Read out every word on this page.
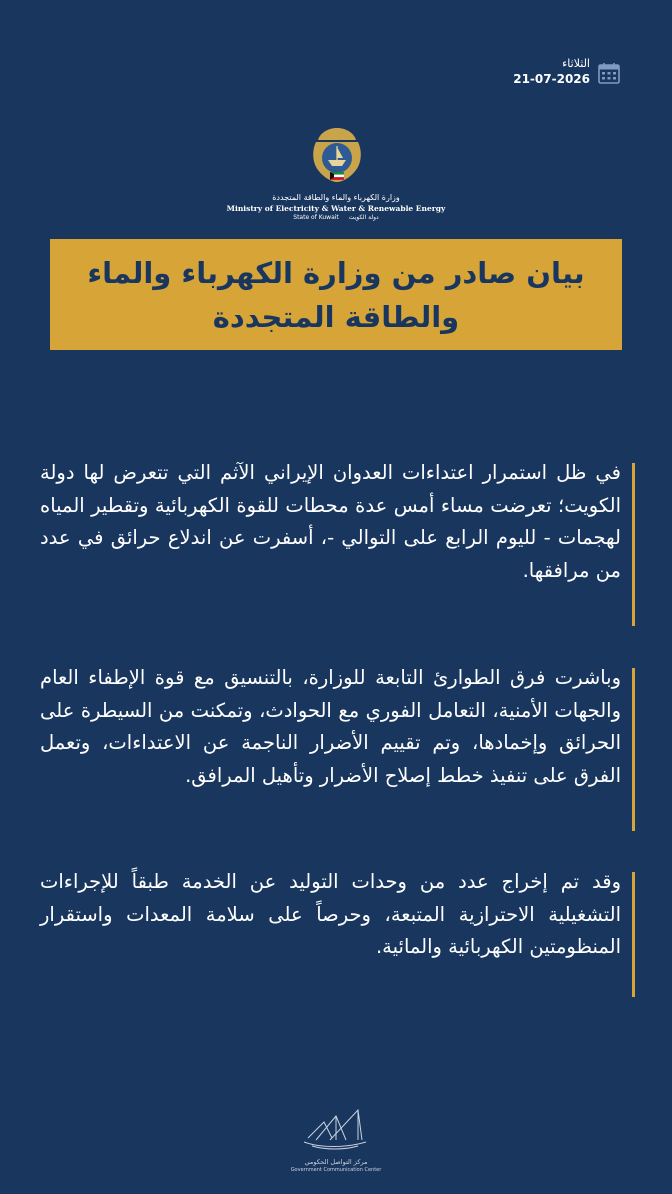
الثلاثاء
21-07-2026
وزارة الكهرباء والماء والطاقة المتجددة
Ministry of Electricity & Water & Renewable Energy
State of Kuwait دولة الكويت
بيان صادر من وزارة الكهرباء والماء والطاقة المتجددة
في ظل استمرار اعتداءات العدوان الإيراني الآثم التي تتعرض لها دولة الكويت؛ تعرضت مساء أمس عدة محطات للقوة الكهربائية وتقطير المياه لهجمات - لليوم الرابع على التوالي -، أسفرت عن اندلاع حرائق في عدد من مرافقها.
وباشرت فرق الطوارئ التابعة للوزارة، بالتنسيق مع قوة الإطفاء العام والجهات الأمنية، التعامل الفوري مع الحوادث، وتمكنت من السيطرة على الحرائق وإخمادها، وتم تقييم الأضرار الناجمة عن الاعتداءات، وتعمل الفرق على تنفيذ خطط إصلاح الأضرار وتأهيل المرافق.
وقد تم إخراج عدد من وحدات التوليد عن الخدمة طبقاً للإجراءات التشغيلية الاحترازية المتبعة، وحرصاً على سلامة المعدات واستقرار المنظومتين الكهربائية والمائية.
مركز التواصل الحكومي
Government Communication Center
